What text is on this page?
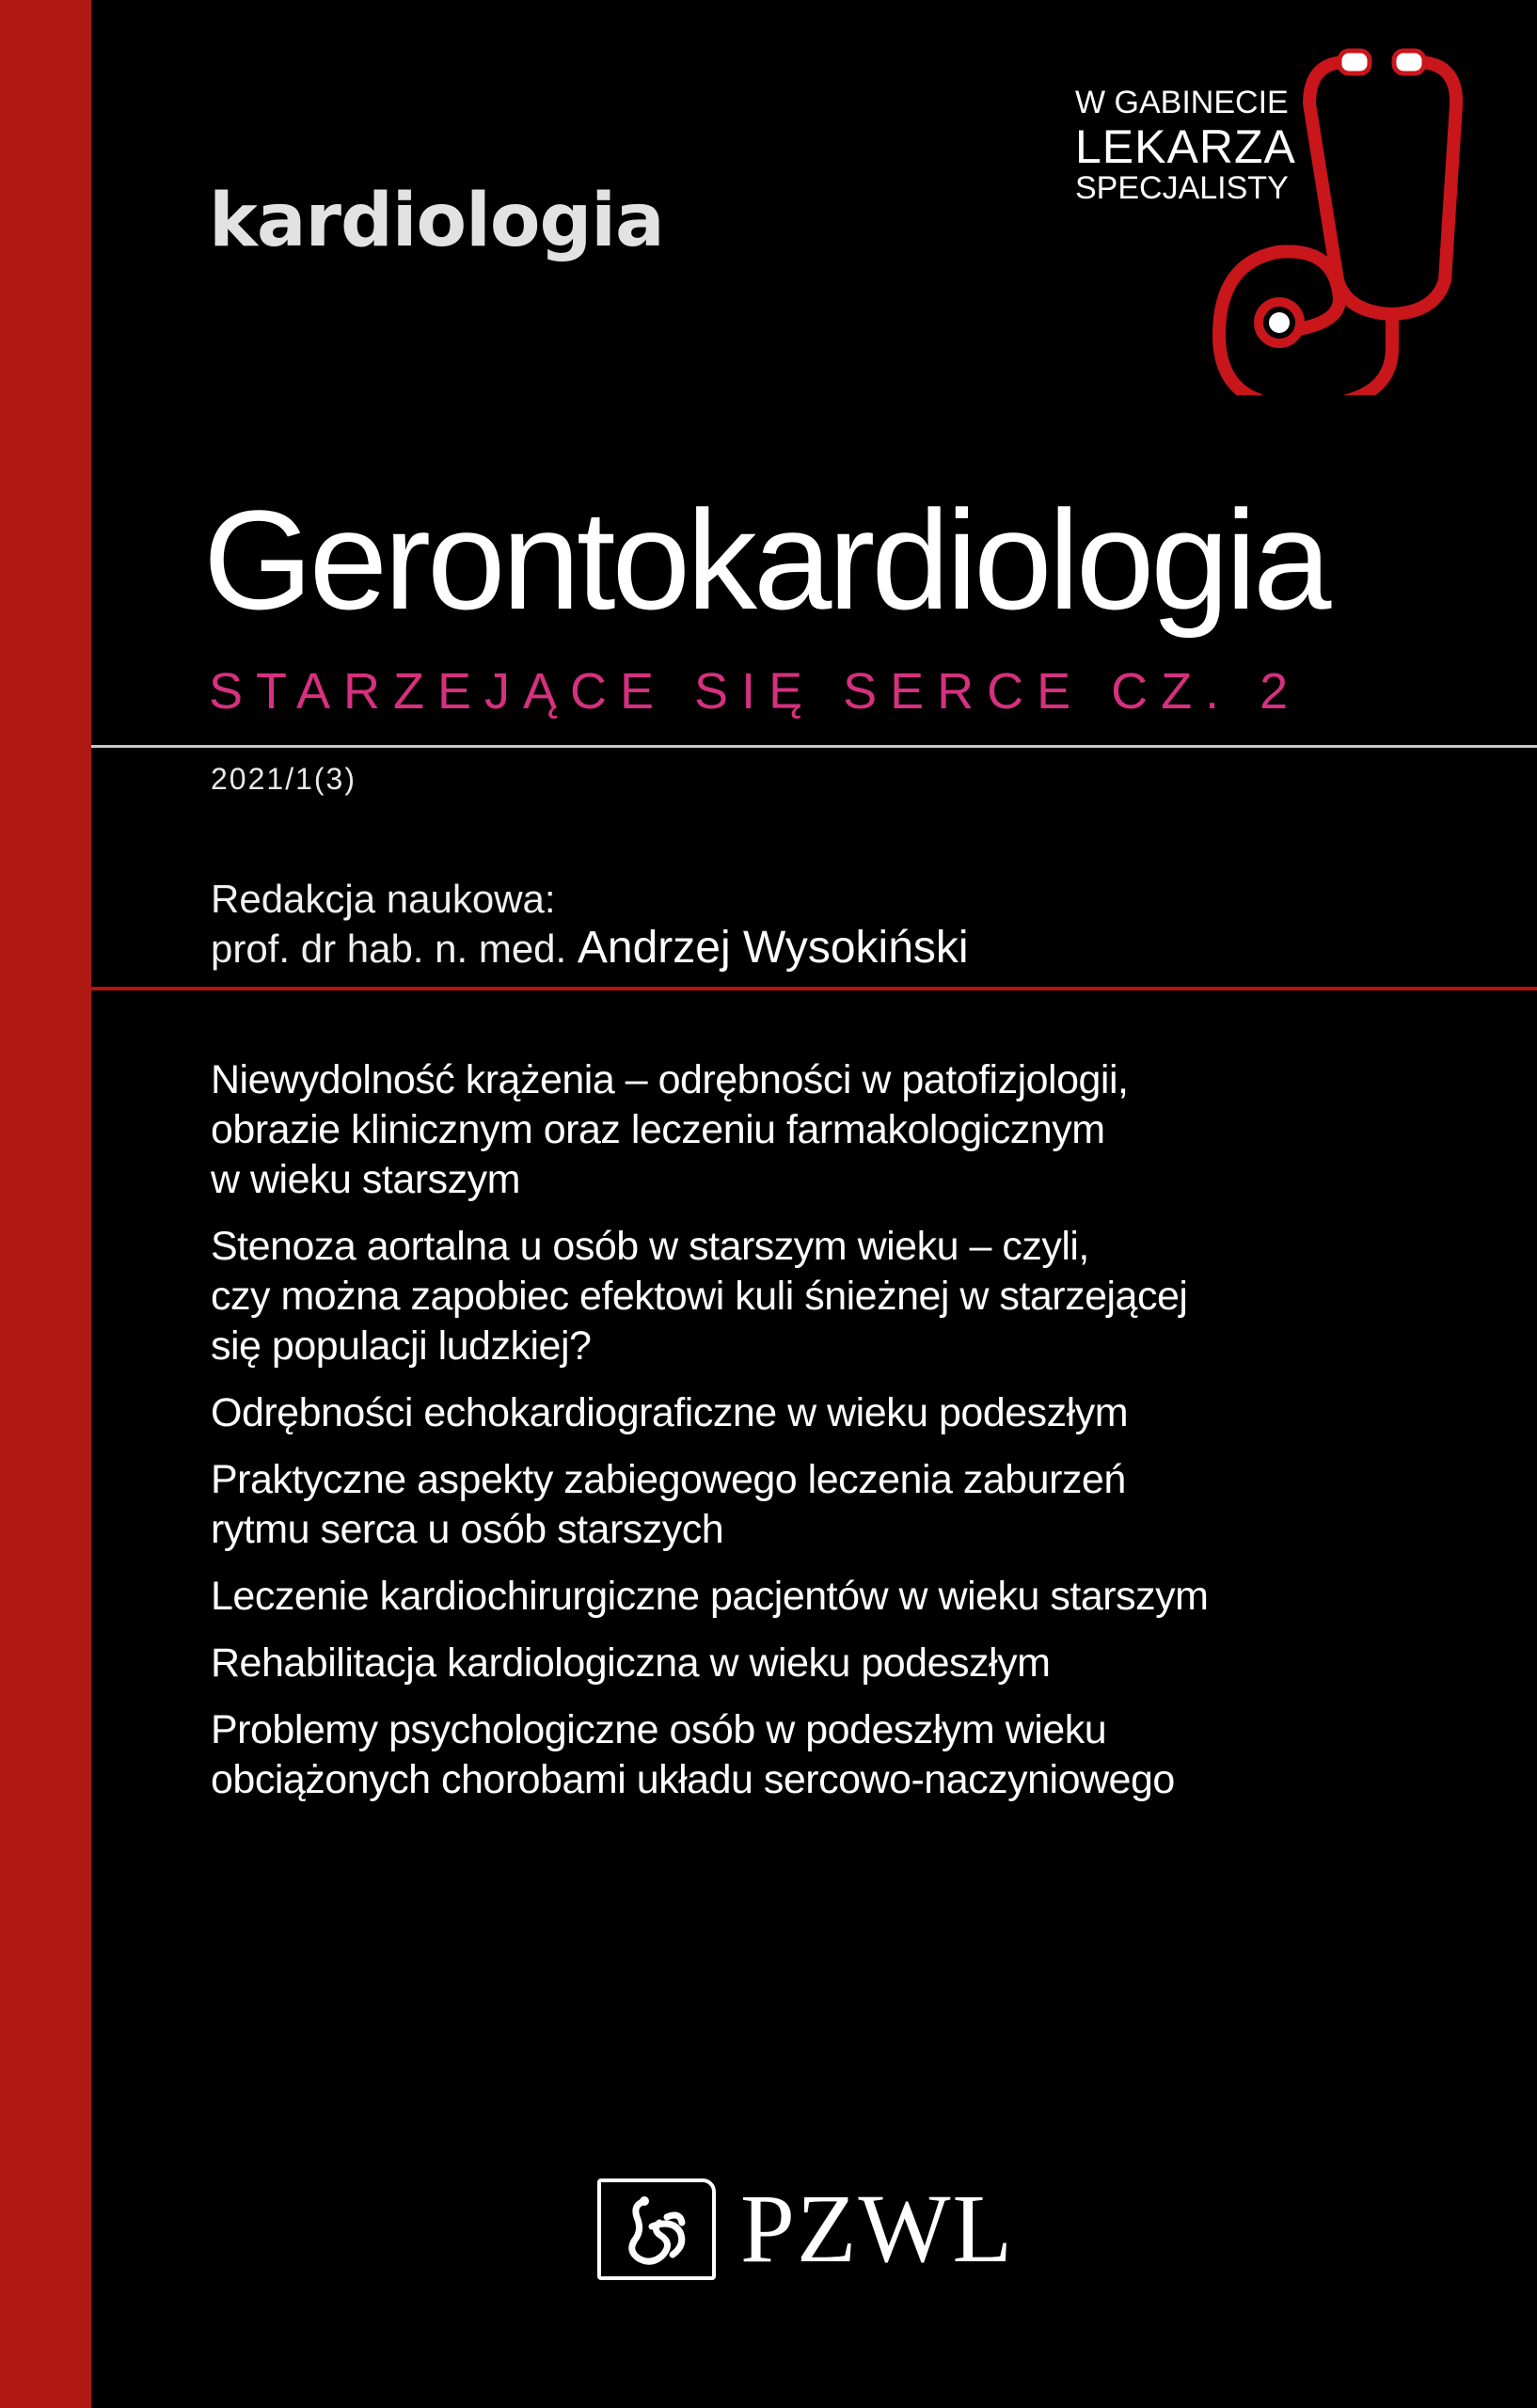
kardiologia
W GABINECIE
LEKARZA
SPECJALISTY
Gerontokardiologia
STARZEJĄCE SIĘ SERCE CZ. 2
2021/1(3)
Redakcja naukowa:
prof. dr hab. n. med. Andrzej Wysokiński
Niewydolność krążenia – odrębności w patofizjologii,
obrazie klinicznym oraz leczeniu farmakologicznym
w wieku starszym
Stenoza aortalna u osób w starszym wieku – czyli,
czy można zapobiec efektowi kuli śnieżnej w starzejącej
się populacji ludzkiej?
Odrębności echokardiograficzne w wieku podeszłym
Praktyczne aspekty zabiegowego leczenia zaburzeń
rytmu serca u osób starszych
Leczenie kardiochirurgiczne pacjentów w wieku starszym
Rehabilitacja kardiologiczna w wieku podeszłym
Problemy psychologiczne osób w podeszłym wieku
obciążonych chorobami układu sercowo-naczyniowego
PZWL
